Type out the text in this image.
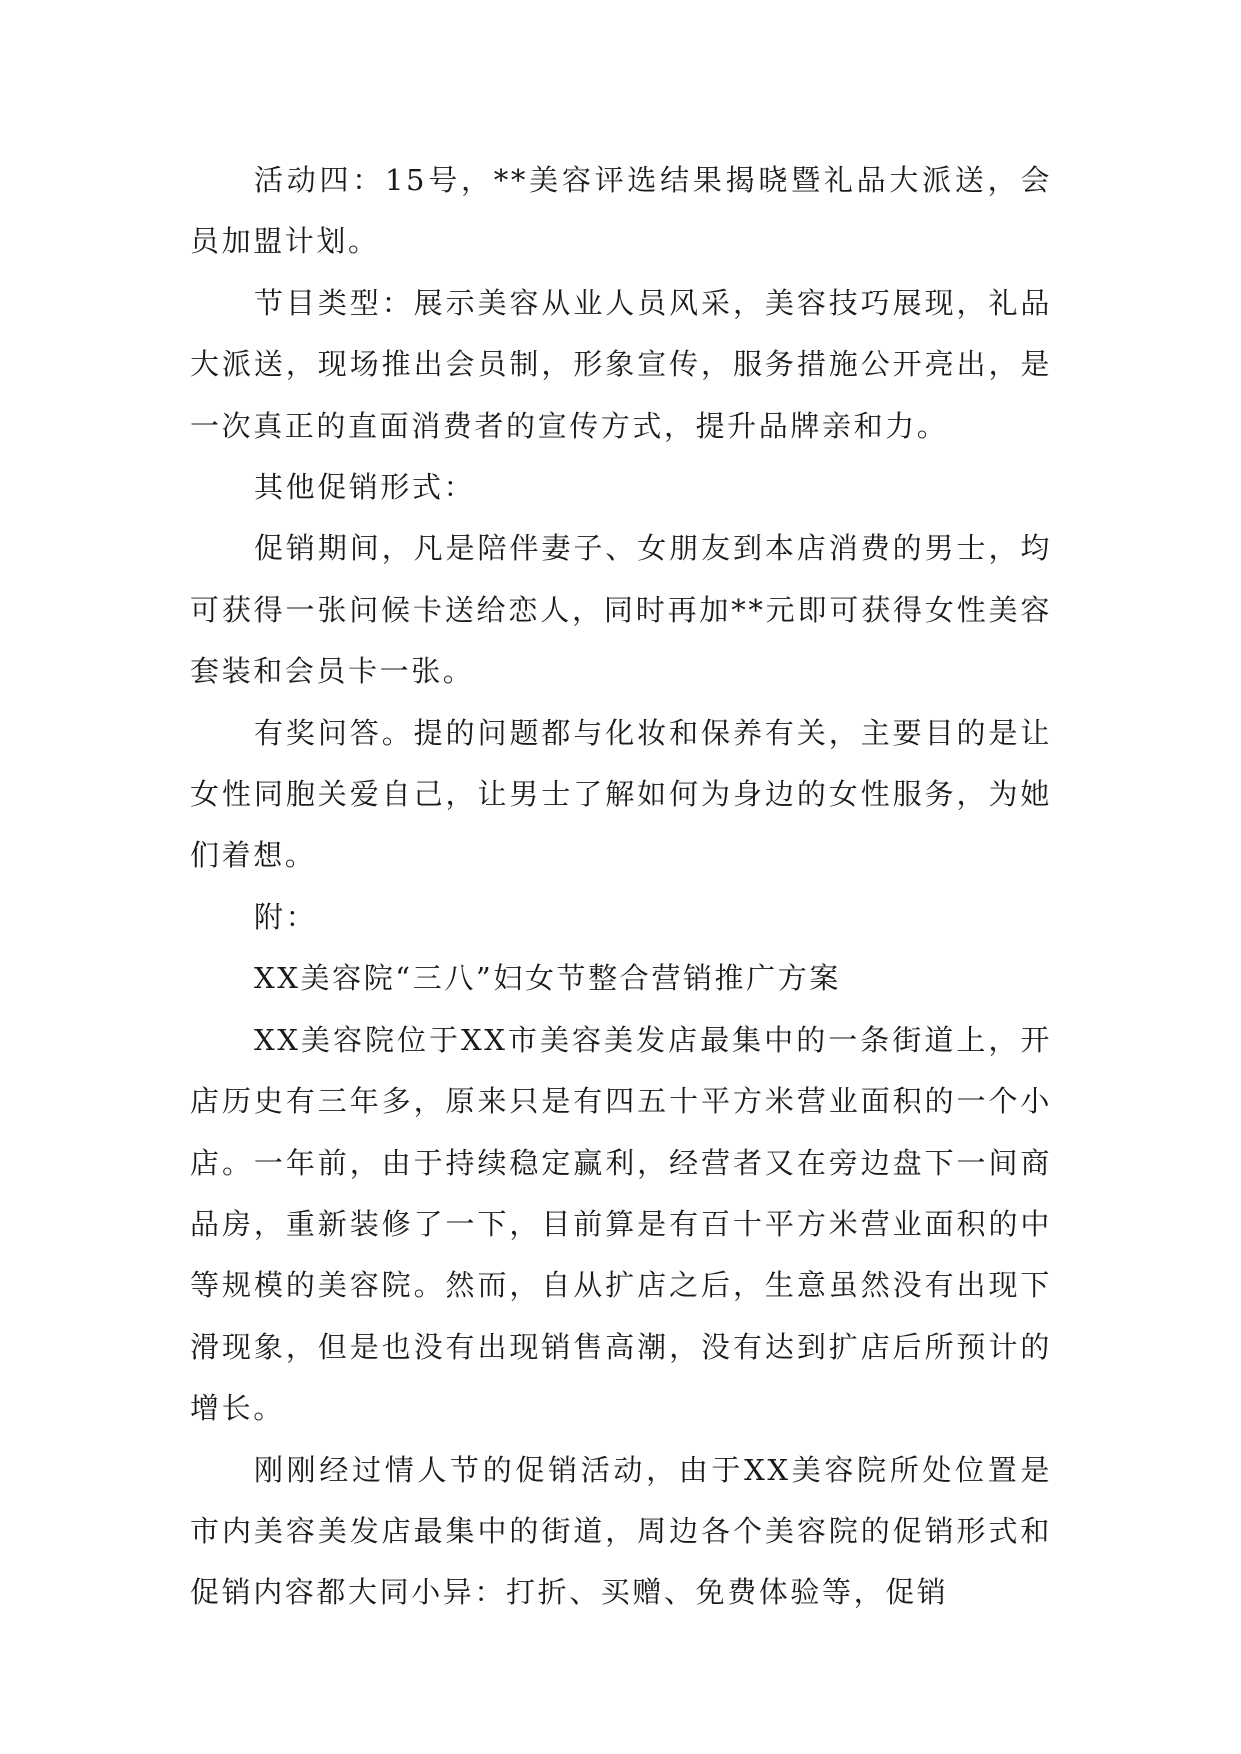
活动四：15号，**美容评选结果揭晓暨礼品大派送，会员加盟计划。

节目类型：展示美容从业人员风采，美容技巧展现，礼品大派送，现场推出会员制，形象宣传，服务措施公开亮出，是一次真正的直面消费者的宣传方式，提升品牌亲和力。

其他促销形式：

促销期间，凡是陪伴妻子、女朋友到本店消费的男士，均可获得一张问候卡送给恋人，同时再加**元即可获得女性美容套装和会员卡一张。

有奖问答。提的问题都与化妆和保养有关，主要目的是让女性同胞关爱自己，让男士了解如何为身边的女性服务，为她们着想。

附：

XX美容院“三八”妇女节整合营销推广方案

XX美容院位于XX市美容美发店最集中的一条街道上，开店历史有三年多，原来只是有四五十平方米营业面积的一个小店。一年前，由于持续稳定赢利，经营者又在旁边盘下一间商品房，重新装修了一下，目前算是有百十平方米营业面积的中等规模的美容院。然而，自从扩店之后，生意虽然没有出现下滑现象，但是也没有出现销售高潮，没有达到扩店后所预计的增长。

刚刚经过情人节的促销活动，由于XX美容院所处位置是市内美容美发店最集中的街道，周边各个美容院的促销形式和促销内容都大同小异：打折、买赠、免费体验等，促销
